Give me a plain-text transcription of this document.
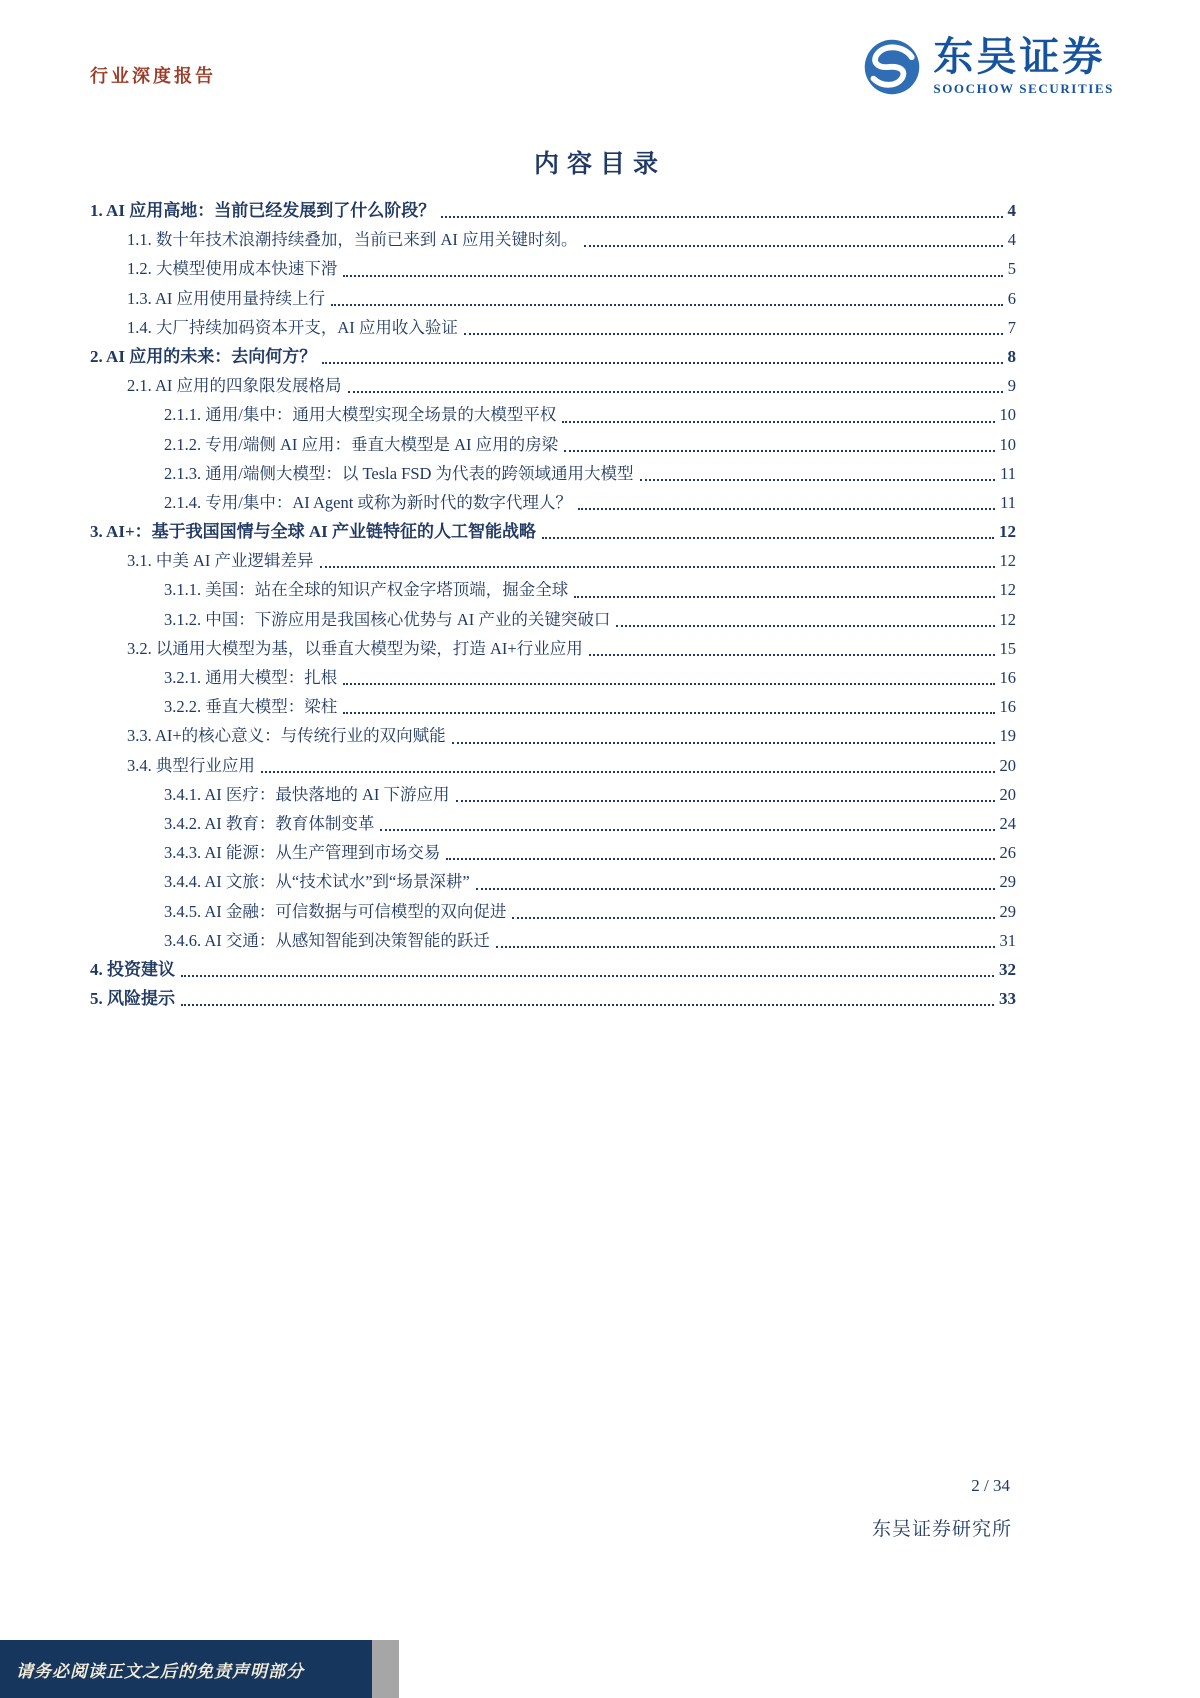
行业深度报告	东吴证券
SOOCHOW SECURITIES
内容目录
1. AI 应用高地：当前已经发展到了什么阶段？	4
1.1. 数十年技术浪潮持续叠加，当前已来到 AI 应用关键时刻。	4
1.2. 大模型使用成本快速下滑	5
1.3. AI 应用使用量持续上行	6
1.4. 大厂持续加码资本开支，AI 应用收入验证	7
2. AI 应用的未来：去向何方？	8
2.1. AI 应用的四象限发展格局	9
2.1.1. 通用/集中：通用大模型实现全场景的大模型平权	10
2.1.2. 专用/端侧 AI 应用：垂直大模型是 AI 应用的房梁	10
2.1.3. 通用/端侧大模型：以 Tesla FSD 为代表的跨领域通用大模型	11
2.1.4. 专用/集中：AI Agent 或称为新时代的数字代理人？	11
3. AI+：基于我国国情与全球 AI 产业链特征的人工智能战略	12
3.1. 中美 AI 产业逻辑差异	12
3.1.1. 美国：站在全球的知识产权金字塔顶端，掘金全球	12
3.1.2. 中国：下游应用是我国核心优势与 AI 产业的关键突破口	12
3.2. 以通用大模型为基，以垂直大模型为梁，打造 AI+行业应用	15
3.2.1. 通用大模型：扎根	16
3.2.2. 垂直大模型：梁柱	16
3.3. AI+的核心意义：与传统行业的双向赋能	19
3.4. 典型行业应用	20
3.4.1. AI 医疗：最快落地的 AI 下游应用	20
3.4.2. AI 教育：教育体制变革	24
3.4.3. AI 能源：从生产管理到市场交易	26
3.4.4. AI 文旅：从“技术试水”到“场景深耕”	29
3.4.5. AI 金融：可信数据与可信模型的双向促进	29
3.4.6. AI 交通：从感知智能到决策智能的跃迁	31
4. 投资建议	32
5. 风险提示	33
2 / 34
东吴证券研究所
请务必阅读正文之后的免责声明部分
